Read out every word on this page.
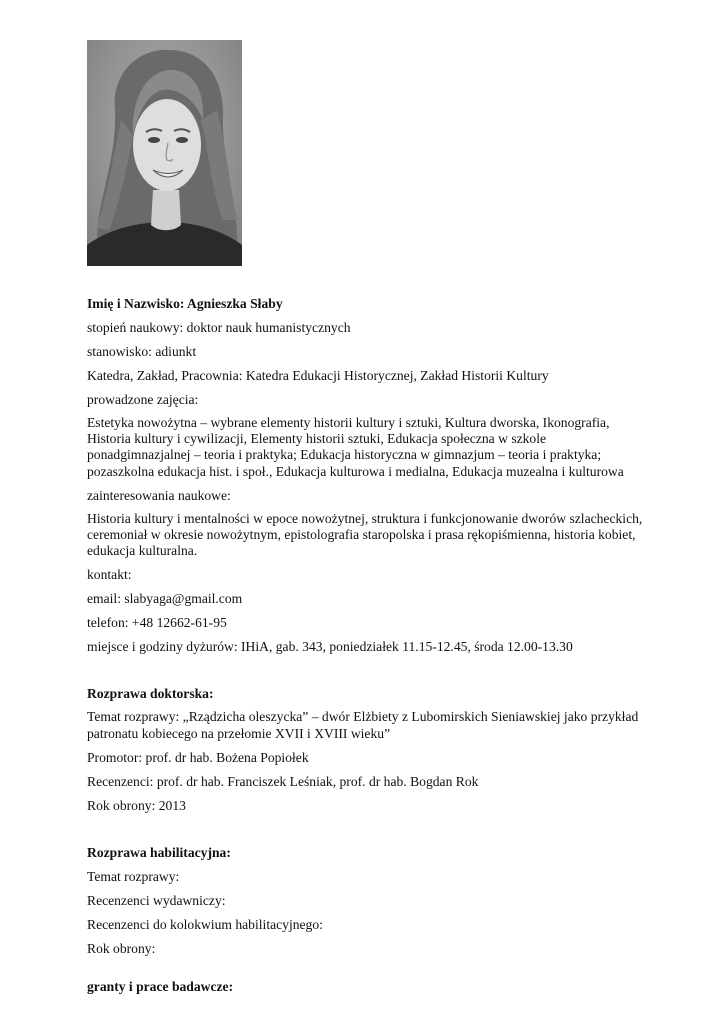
Imię i Nazwisko: Agnieszka Słaby

stopień naukowy: doktor nauk humanistycznych

stanowisko: adiunkt

Katedra, Zakład, Pracownia: Katedra Edukacji Historycznej, Zakład Historii Kultury

prowadzone zajęcia:

Estetyka nowożytna – wybrane elementy historii kultury i sztuki, Kultura dworska, Ikonografia,
Historia kultury i cywilizacji, Elementy historii sztuki, Edukacja społeczna w szkole
ponadgimnazjalnej – teoria i praktyka; Edukacja historyczna w gimnazjum – teoria i praktyka;
pozaszkolna edukacja hist. i społ., Edukacja kulturowa i medialna, Edukacja muzealna i kulturowa

zainteresowania naukowe:

Historia kultury i mentalności w epoce nowożytnej, struktura i funkcjonowanie dworów szlacheckich,
ceremoniał w okresie nowożytnym, epistolografia staropolska i prasa rękopiśmienna, historia kobiet,
edukacja kulturalna.

kontakt:

email: slabyaga@gmail.com

telefon: +48 12662-61-95

miejsce i godziny dyżurów: IHiA, gab. 343, poniedziałek 11.15-12.45, środa 12.00-13.30

Rozprawa doktorska:

Temat rozprawy: „Rządzicha oleszycka” – dwór Elżbiety z Lubomirskich Sieniawskiej jako przykład
patronatu kobiecego na przełomie XVII i XVIII wieku”

Promotor: prof. dr hab. Bożena Popiołek

Recenzenci: prof. dr hab. Franciszek Leśniak, prof. dr hab. Bogdan Rok

Rok obrony: 2013

Rozprawa habilitacyjna:

Temat rozprawy:

Recenzenci wydawniczy:

Recenzenci do kolokwium habilitacyjnego:

Rok obrony:

granty i prace badawcze:
